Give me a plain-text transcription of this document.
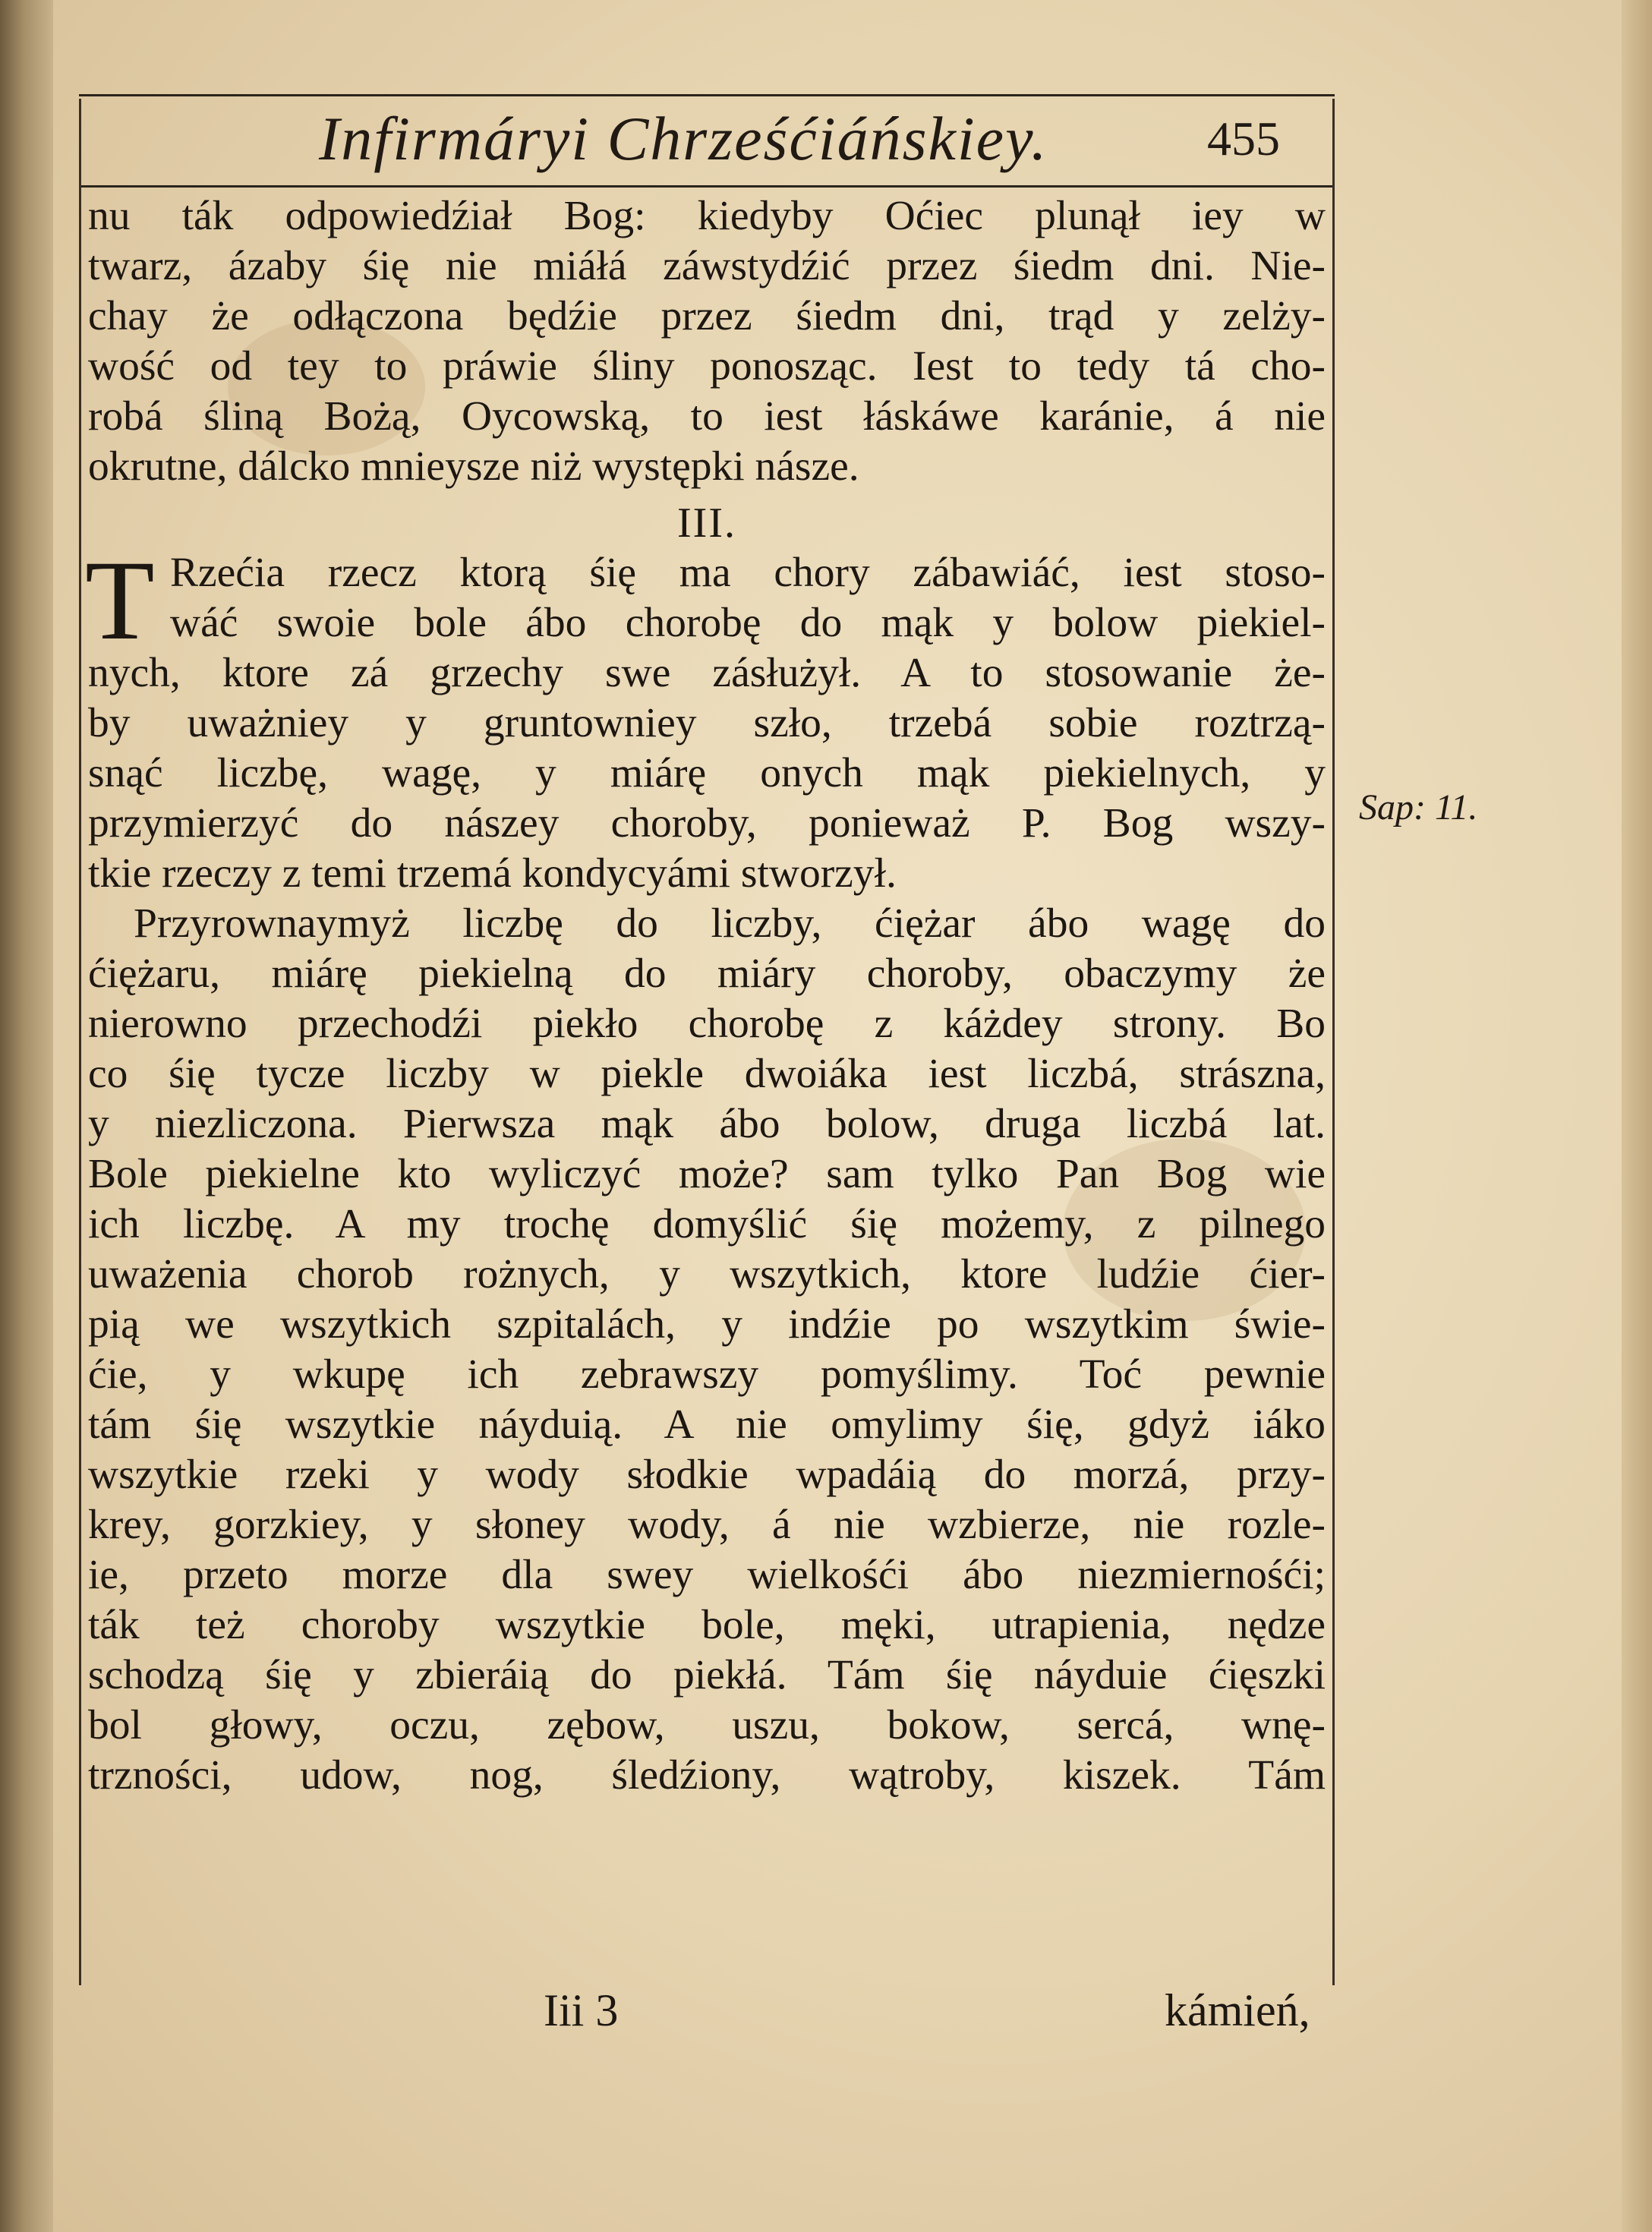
Infirmáryi Chrześćiáńskiey.	455
nu ták odpowiedźiał Bog: kiedyby Oćiec plunął iey w
twarz, ázaby śię nie miáłá záwstydźić przez śiedm dni. Nie-
chay że odłączona będźie przez śiedm dni, trąd y zelży-
wość od tey to práwie śliny ponosząc. Iest to tedy tá cho-
robá śliną Bożą, Oycowską, to iest łáskáwe karánie, á nie
okrutne, dálcko mnieysze niż występki násze.
III.
T Rzećia rzecz ktorą śię ma chory zábawiáć, iest stoso-
wáć swoie bole ábo chorobę do mąk y bolow piekiel-
nych, ktore zá grzechy swe zásłużył. A to stosowanie że-
by uważniey y gruntowniey szło, trzebá sobie roztrzą-
snąć liczbę, wagę, y miárę onych mąk piekielnych, y
przymierzyć do nászey choroby, ponieważ P. Bog wszy-
tkie rzeczy z temi trzemá kondycyámi stworzył.
Przyrownaymyż liczbę do liczby, ćiężar ábo wagę do
ćiężaru, miárę piekielną do miáry choroby, obaczymy że
nierowno przechodźi piekło chorobę z káżdey strony. Bo
co śię tycze liczby w piekle dwoiáka iest liczbá, strászna,
y niezliczona. Pierwsza mąk ábo bolow, druga liczbá lat.
Bole piekielne kto wyliczyć może? sam tylko Pan Bog wie
ich liczbę. A my trochę domyślić śię możemy, z pilnego
uważenia chorob rożnych, y wszytkich, ktore ludźie ćier-
pią we wszytkich szpitalách, y indźie po wszytkim świe-
ćie, y wkupę ich zebrawszy pomyślimy. Toć pewnie
tám śię wszytkie náyduią. A nie omylimy śię, gdyż iáko
wszytkie rzeki y wody słodkie wpadáią do morzá, przy-
krey, gorzkiey, y słoney wody, á nie wzbierze, nie rozle-
ie, przeto morze dla swey wielkośći ábo niezmiernośći;
ták też choroby wszytkie bole, męki, utrapienia, nędze
schodzą śię y zbieráią do piekłá. Tám śię náyduie ćięszki
bol głowy, oczu, zębow, uszu, bokow, sercá, wnę-
trzności, udow, nog, śledźiony, wątroby, kiszek. Tám
Sap: 11.
Iii 3	kámień,
